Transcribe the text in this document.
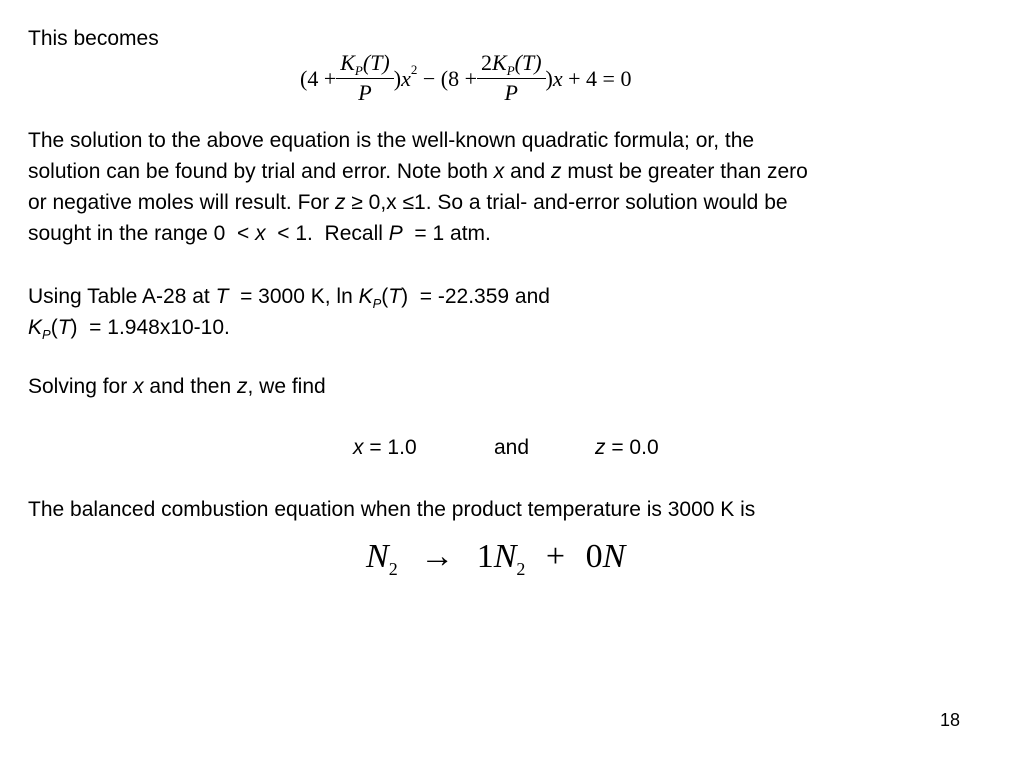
This becomes
($4 + \frac{K_P(T)}{P}$ ) x $2 - (8 + \frac{2K_P(T)}{P}$ ) x + 4 = 0
The solution to the above equation is the well-known quadratic formula; or, the
solution can be found by trial and error. Note both x and z must be greater than zero
or negative moles will result. For z ≥ 0,x ≤1. So a trial- and-error solution would be
sought in the range 0  < x  < 1.  Recall P  = 1 atm.
Using Table A-28 at T  = 3000 K, $\ln K_P(T) = -22.359$ and
$K_P(T) = 1.948x10-10$.
Solving for x and then z, we find
x = 1.0	and	z = 0.0
The balanced combustion equation when the product temperature is 3000 K is
$N_2 \to 1N_2 + 0N$
18
